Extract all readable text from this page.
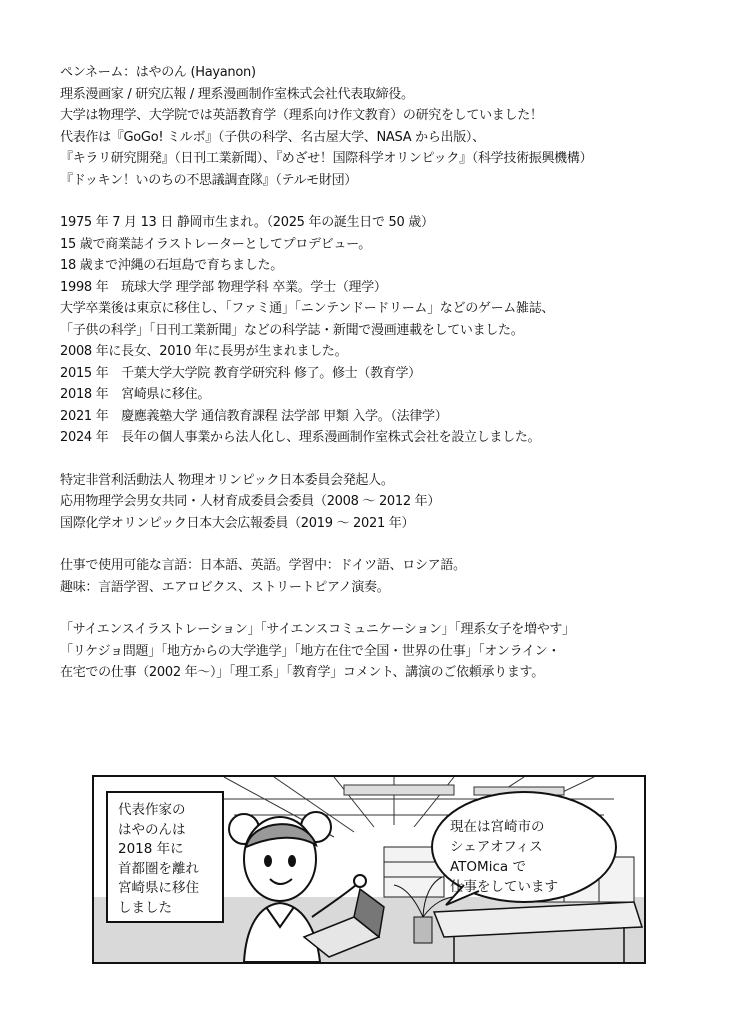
ペンネーム：はやのん (Hayanon)
理系漫画家 / 研究広報 / 理系漫画制作室株式会社代表取締役。
大学は物理学、大学院では英語教育学（理系向け作文教育）の研究をしていました！
代表作は『GoGo! ミルボ』（子供の科学、名古屋大学、NASA から出版）、
『キラリ研究開発』（日刊工業新聞）、『めざせ！国際科学オリンピック』（科学技術振興機構）
『ドッキン！いのちの不思議調査隊』（テルモ財団）
1975 年 7 月 13 日 静岡市生まれ。（2025 年の誕生日で 50 歳）
15 歳で商業誌イラストレーターとしてプロデビュー。
18 歳まで沖縄の石垣島で育ちました。
1998 年　琉球大学 理学部 物理学科 卒業。学士（理学）
大学卒業後は東京に移住し、「ファミ通」「ニンテンドードリーム」などのゲーム雑誌、
「子供の科学」「日刊工業新聞」などの科学誌・新聞で漫画連載をしていました。
2008 年に長女、2010 年に長男が生まれました。
2015 年　千葉大学大学院 教育学研究科 修了。修士（教育学）
2018 年　宮崎県に移住。
2021 年　慶應義塾大学 通信教育課程 法学部 甲類 入学。（法律学）
2024 年　長年の個人事業から法人化し、理系漫画制作室株式会社を設立しました。
特定非営利活動法人 物理オリンピック日本委員会発起人。
応用物理学会男女共同・人材育成委員会委員（2008 ～ 2012 年）
国際化学オリンピック日本大会広報委員（2019 ～ 2021 年）
仕事で使用可能な言語：日本語、英語。学習中：ドイツ語、ロシア語。
趣味：言語学習、エアロビクス、ストリートピアノ演奏。
「サイエンスイラストレーション」「サイエンスコミュニケーション」「理系女子を増やす」
「リケジョ問題」「地方からの大学進学」「地方在住で全国・世界の仕事」「オンライン・
在宅での仕事（2002 年～）」「理工系」「教育学」コメント、講演のご依頼承ります。
代表作家の
はやのんは
2018 年に
首都圏を離れ
宮崎県に移住
しました
現在は宮崎市の
シェアオフィス
ATOMica で
仕事をしています
